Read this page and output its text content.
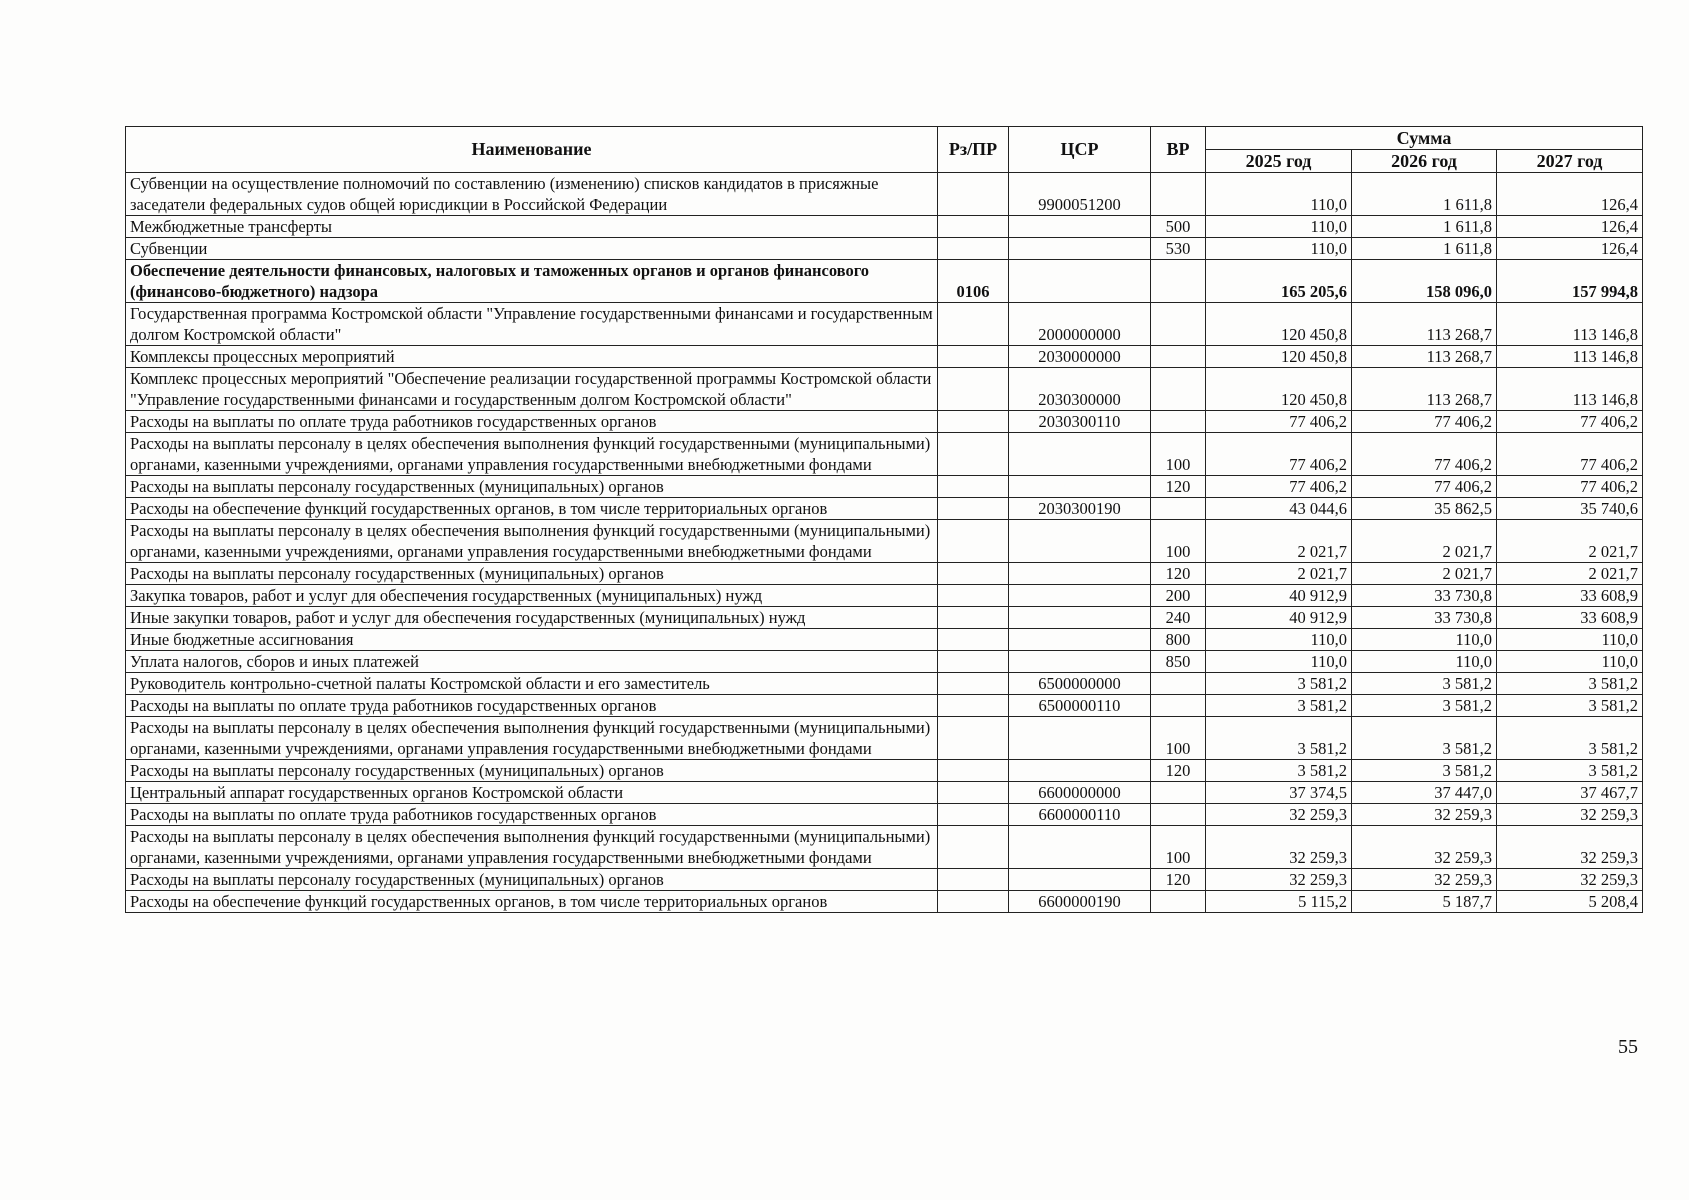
Наименование	Рз/ПР	ЦСР	ВР	Сумма		
				2025 год	2026 год	2027 год
Субвенции на осуществление полномочий по составлению (изменению) списков кандидатов в присяжные заседатели федеральных судов общей юрисдикции в Российской Федерации		9900051200		110,0	1 611,8	126,4
Межбюджетные трансферты			500	110,0	1 611,8	126,4
Субвенции			530	110,0	1 611,8	126,4
Обеспечение деятельности финансовых, налоговых и таможенных органов и органов финансового (финансово-бюджетного) надзора	0106			165 205,6	158 096,0	157 994,8
Государственная программа Костромской области "Управление государственными финансами и государственным долгом Костромской области"		2000000000		120 450,8	113 268,7	113 146,8
Комплексы процессных мероприятий		2030000000		120 450,8	113 268,7	113 146,8
Комплекс процессных мероприятий "Обеспечение реализации государственной программы Костромской области "Управление государственными финансами и государственным долгом Костромской области"		2030300000		120 450,8	113 268,7	113 146,8
Расходы на выплаты по оплате труда работников государственных органов		2030300110		77 406,2	77 406,2	77 406,2
Расходы на выплаты персоналу в целях обеспечения выполнения функций государственными (муниципальными) органами, казенными учреждениями, органами управления государственными внебюджетными фондами			100	77 406,2	77 406,2	77 406,2
Расходы на выплаты персоналу государственных (муниципальных) органов			120	77 406,2	77 406,2	77 406,2
Расходы на обеспечение функций государственных органов, в том числе территориальных органов		2030300190		43 044,6	35 862,5	35 740,6
Расходы на выплаты персоналу в целях обеспечения выполнения функций государственными (муниципальными) органами, казенными учреждениями, органами управления государственными внебюджетными фондами			100	2 021,7	2 021,7	2 021,7
Расходы на выплаты персоналу государственных (муниципальных) органов			120	2 021,7	2 021,7	2 021,7
Закупка товаров, работ и услуг для обеспечения государственных (муниципальных) нужд			200	40 912,9	33 730,8	33 608,9
Иные закупки товаров, работ и услуг для обеспечения государственных (муниципальных) нужд			240	40 912,9	33 730,8	33 608,9
Иные бюджетные ассигнования			800	110,0	110,0	110,0
Уплата налогов, сборов и иных платежей			850	110,0	110,0	110,0
Руководитель контрольно-счетной палаты Костромской области и его заместитель		6500000000		3 581,2	3 581,2	3 581,2
Расходы на выплаты по оплате труда работников государственных органов		6500000110		3 581,2	3 581,2	3 581,2
Расходы на выплаты персоналу в целях обеспечения выполнения функций государственными (муниципальными) органами, казенными учреждениями, органами управления государственными внебюджетными фондами			100	3 581,2	3 581,2	3 581,2
Расходы на выплаты персоналу государственных (муниципальных) органов			120	3 581,2	3 581,2	3 581,2
Центральный аппарат государственных органов Костромской области		6600000000		37 374,5	37 447,0	37 467,7
Расходы на выплаты по оплате труда работников государственных органов		6600000110		32 259,3	32 259,3	32 259,3
Расходы на выплаты персоналу в целях обеспечения выполнения функций государственными (муниципальными) органами, казенными учреждениями, органами управления государственными внебюджетными фондами			100	32 259,3	32 259,3	32 259,3
Расходы на выплаты персоналу государственных (муниципальных) органов			120	32 259,3	32 259,3	32 259,3
Расходы на обеспечение функций государственных органов, в том числе территориальных органов		6600000190		5 115,2	5 187,7	5 208,4
55
